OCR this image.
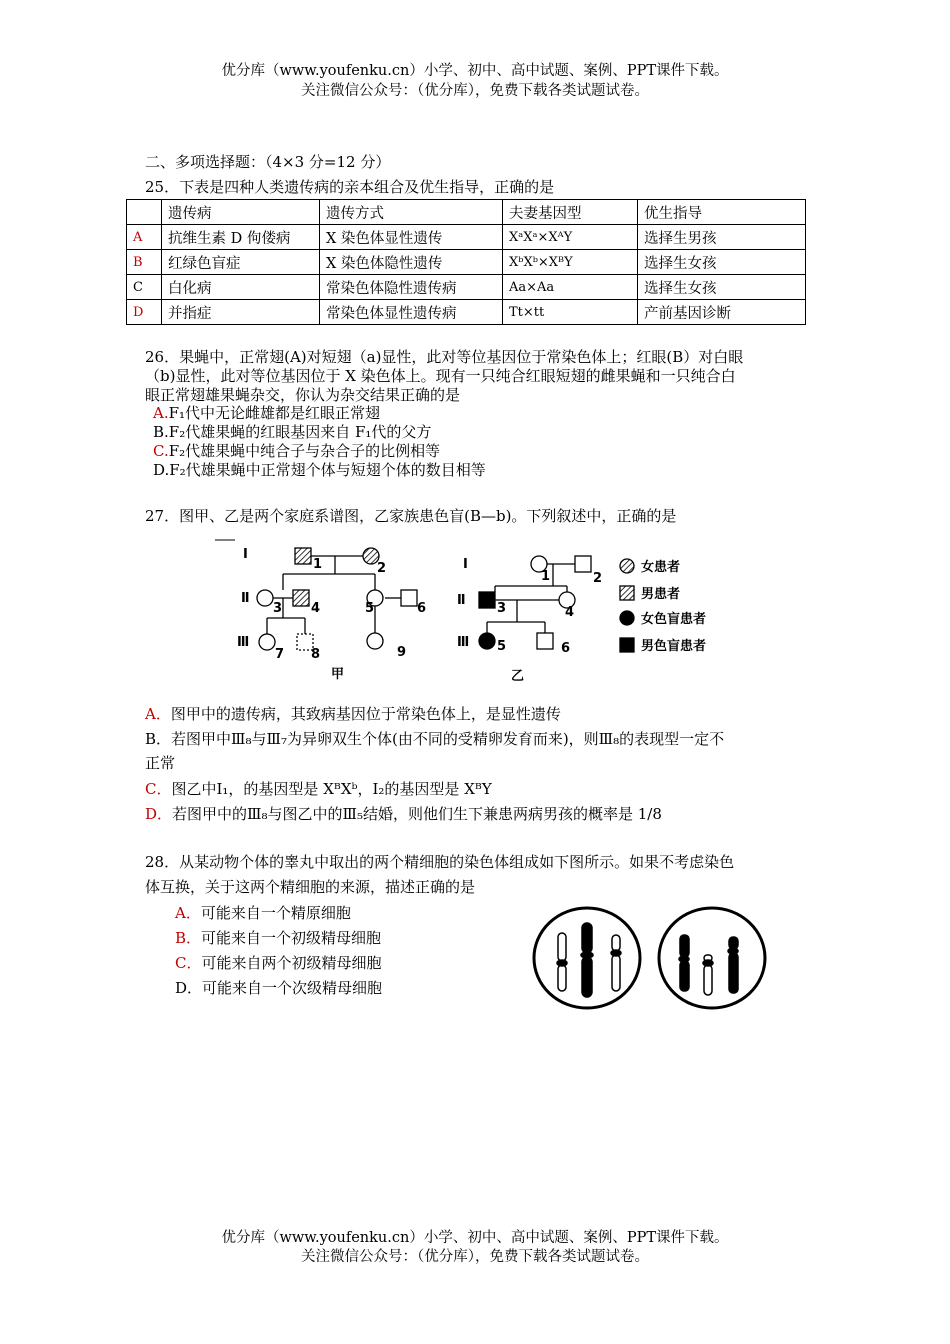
优分库（www.youfenku.cn）小学、初中、高中试题、案例、PPT课件下载。
关注微信公众号：（优分库），免费下载各类试题试卷。
二、多项选择题：（4×3 分=12 分）
25．下表是四种人类遗传病的亲本组合及优生指导，正确的是
	遗传病	遗传方式	夫妻基因型	优生指导
A	抗维生素 D 佝偻病	X 染色体显性遗传	XᵃXᵃ×XᴬY	选择生男孩
B	红绿色盲症	X 染色体隐性遗传	XᵇXᵇ×XᴮY	选择生女孩
C	白化病	常染色体隐性遗传病	Aa×Aa	选择生女孩
D	并指症	常染色体显性遗传病	Tt×tt	产前基因诊断
26．果蝇中，正常翅(A)对短翅（a)显性，此对等位基因位于常染色体上；红眼(B）对白眼
（b)显性，此对等位基因位于 X 染色体上。现有一只纯合红眼短翅的雌果蝇和一只纯合白
眼正常翅雄果蝇杂交，你认为杂交结果正确的是
A.F₁代中无论雌雄都是红眼正常翅
B.F₂代雄果蝇的红眼基因来自 F₁代的父方
C.F₂代雄果蝇中纯合子与杂合子的比例相等
D.F₂代雄果蝇中正常翅个体与短翅个体的数目相等
27．图甲、乙是两个家庭系谱图，乙家族患色盲(B—b)。下列叙述中，正确的是
Ⅰ
Ⅱ
Ⅲ
1	2
3 4	5	6
7 8	9
Ⅰ
Ⅱ
Ⅲ
1	2
3	4
5	6
甲	乙
女患者
男患者
女色盲患者
男色盲患者
A．图甲中的遗传病，其致病基因位于常染色体上，是显性遗传
B．若图甲中Ⅲ₈与Ⅲ₇为异卵双生个体(由不同的受精卵发育而来)，则Ⅲ₈的表现型一定不
正常
C．图乙中Ⅰ₁，的基因型是 XᴮXᵇ，Ⅰ₂的基因型是 XᴮY
D．若图甲中的Ⅲ₈与图乙中的Ⅲ₅结婚，则他们生下兼患两病男孩的概率是 1/8
28．从某动物个体的睾丸中取出的两个精细胞的染色体组成如下图所示。如果不考虑染色
体互换，关于这两个精细胞的来源，描述正确的是
A．可能来自一个精原细胞
B．可能来自一个初级精母细胞
C．可能来自两个初级精母细胞
D．可能来自一个次级精母细胞
优分库（www.youfenku.cn）小学、初中、高中试题、案例、PPT课件下载。
关注微信公众号：（优分库），免费下载各类试题试卷。
